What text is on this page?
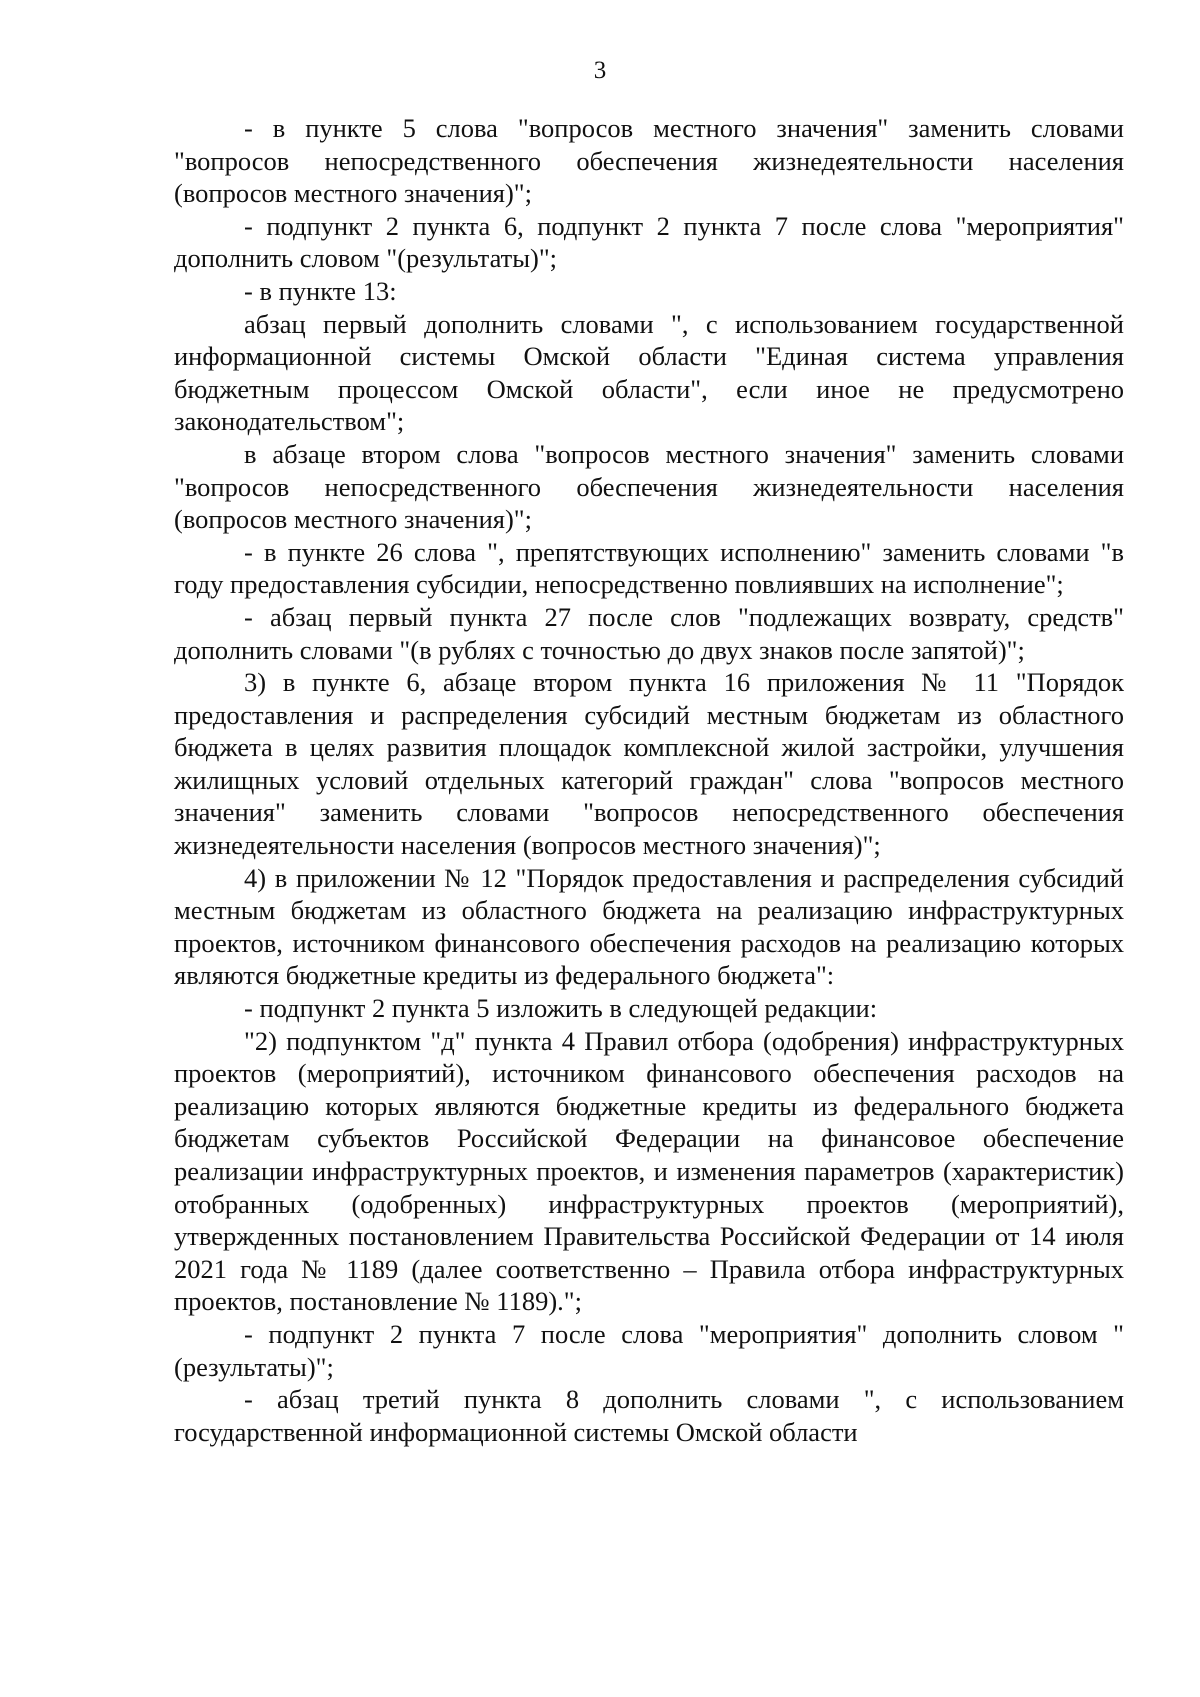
3

- в пункте 5 слова "вопросов местного значения" заменить словами "вопросов непосредственного обеспечения жизнедеятельности населения (вопросов местного значения)";

- подпункт 2 пункта 6, подпункт 2 пункта 7 после слова "мероприятия" дополнить словом "(результаты)";

- в пункте 13:

абзац первый дополнить словами ", с использованием государственной информационной системы Омской области "Единая система управления бюджетным процессом Омской области", если иное не предусмотрено законодательством";

в абзаце втором слова "вопросов местного значения" заменить словами "вопросов непосредственного обеспечения жизнедеятельности населения (вопросов местного значения)";

- в пункте 26 слова ", препятствующих исполнению" заменить словами "в году предоставления субсидии, непосредственно повлиявших на исполнение";

- абзац первый пункта 27 после слов "подлежащих возврату, средств" дополнить словами "(в рублях с точностью до двух знаков после запятой)";

3) в пункте 6, абзаце втором пункта 16 приложения № 11 "Порядок предоставления и распределения субсидий местным бюджетам из областного бюджета в целях развития площадок комплексной жилой застройки, улучшения жилищных условий отдельных категорий граждан" слова "вопросов местного значения" заменить словами "вопросов непосредственного обеспечения жизнедеятельности населения (вопросов местного значения)";

4) в приложении № 12 "Порядок предоставления и распределения субсидий местным бюджетам из областного бюджета на реализацию инфраструктурных проектов, источником финансового обеспечения расходов на реализацию которых являются бюджетные кредиты из федерального бюджета":

- подпункт 2 пункта 5 изложить в следующей редакции:

"2) подпунктом "д" пункта 4 Правил отбора (одобрения) инфраструктурных проектов (мероприятий), источником финансового обеспечения расходов на реализацию которых являются бюджетные кредиты из федерального бюджета бюджетам субъектов Российской Федерации на финансовое обеспечение реализации инфраструктурных проектов, и изменения параметров (характеристик) отобранных (одобренных) инфраструктурных проектов (мероприятий), утвержденных постановлением Правительства Российской Федерации от 14 июля 2021 года № 1189 (далее соответственно – Правила отбора инфраструктурных проектов, постановление № 1189).";

- подпункт 2 пункта 7 после слова "мероприятия" дополнить словом "(результаты)";

- абзац третий пункта 8 дополнить словами ", с использованием государственной информационной системы Омской области
